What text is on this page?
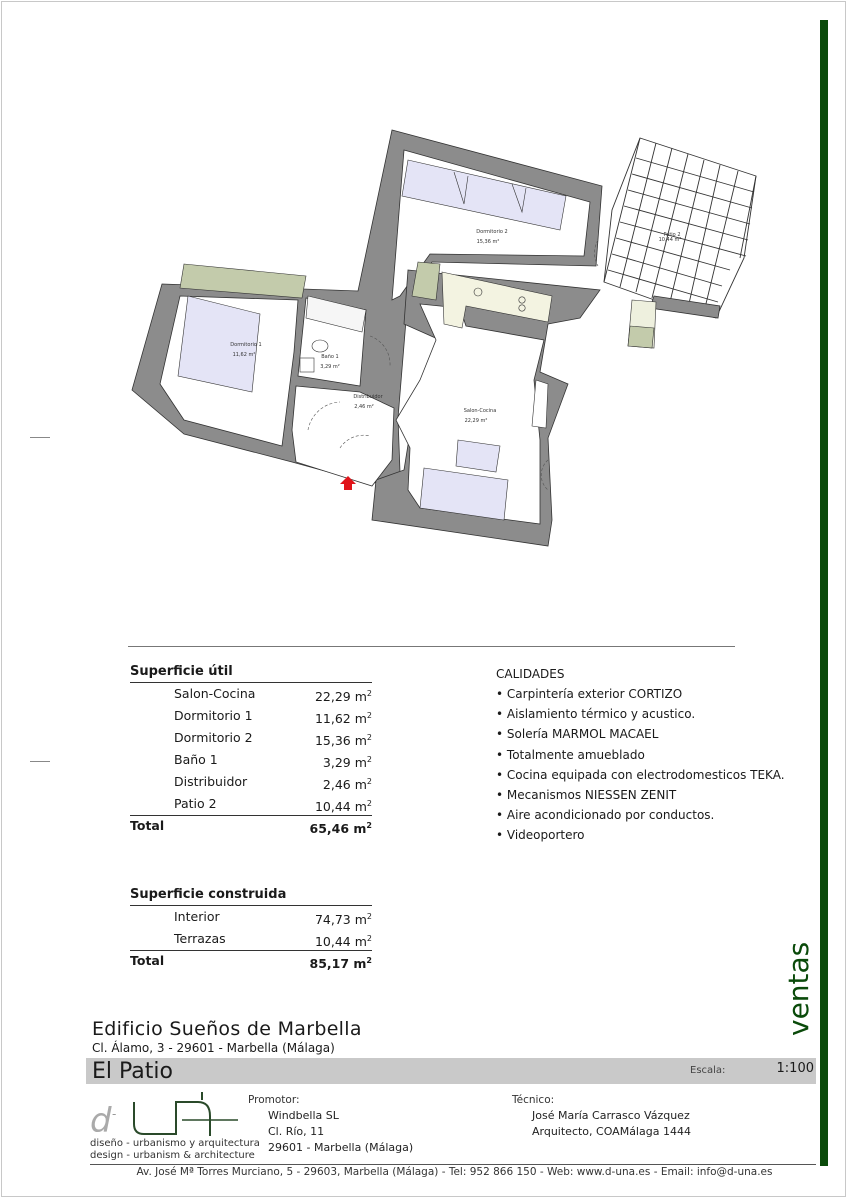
Dormitorio 1
11,62 m²	Baño 1
3,29 m²
Distribuidor
2,46 m²
Dormitorio 2
15,36 m²
Salon-Cocina
22,29 m²
Patio 2
10,44 m²
Superficie útil
Salon-Cocina	22,29 $m^2$
Dormitorio 1	11,62 $m^2$
Dormitorio 2	15,36 $m^2$
Baño 1	3,29 $m^2$
Distribuidor	2,46 $m^2$
Patio 2	10,44 $m^2$
Total	65,46 $m^2$
Superficie construida
Interior	74,73 $m^2$
Terrazas	10,44 $m^2$
Total	85,17 $m^2$
CALIDADES
• Carpintería exterior CORTIZO
• Aislamiento térmico y acustico.
• Solería MARMOL MACAEL
• Totalmente amueblado
• Cocina equipada con electrodomesticos TEKA.
• Mecanismos NIESSEN ZENIT
• Aire acondicionado por conductos.
• Videoportero
ventas
Edificio Sueños de Marbella
Cl. Álamo, 3 - 29601 - Marbella (Málaga)
El Patio	Escala:	1:100
d -
diseño - urbanismo y arquitectura
design - urbanism & architecture
Promotor:
Windbella SL
Cl. Río, 11
29601 - Marbella (Málaga)
Técnico:
José María Carrasco Vázquez
Arquitecto, COAMálaga 1444
Av. José Mª Torres Murciano, 5 - 29603, Marbella (Málaga) - Tel: 952 866 150 - Web: www.d-una.es - Email: info@d-una.es
